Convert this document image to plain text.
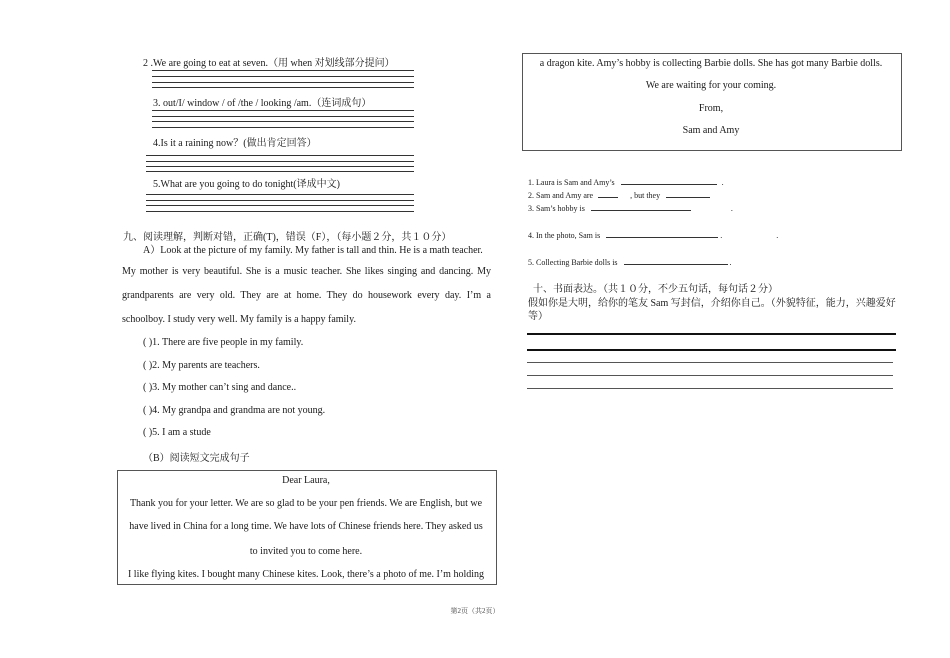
2 .We are going to eat at seven.（用 when 对划线部分提问）
3. out/I/ window / of /the / looking /am.（连词成句）
4.Is it a raining now？(做出肯定回答）
5.What are you going to do tonight(译成中文)
九、阅读理解，判断对错，正确(T)，错误（F），（每小题２分，共１０分）
A）Look at the picture of my family. My father is tall and thin. He is a math teacher.
My mother is very beautiful. She is a music teacher. She likes singing and dancing. My
grandparents are very old. They are at home. They do housework every day. I’m a
schoolboy. I study very well. My family is a happy family.
( )1. There are five people in my family.
( )2. My parents are teachers.
( )3. My mother can’t sing and dance..
( )4. My grandpa and grandma are not young.
( )5. I am a stude
（B）阅读短文完成句子
Dear Laura,
Thank you for your letter. We are so glad to be your pen friends. We are English, but we
have lived in China for a long time. We have lots of Chinese friends here. They asked us
to invited you to come here.
I like flying kites. I bought many Chinese kites. Look, there’s a photo of me. I’m holding
a dragon kite. Amy’s hobby is collecting Barbie dolls. She has got many Barbie dolls.
We are waiting for your coming.
From,
Sam and Amy
1. Laura is Sam and Amy’s	.
2. Sam and Amy are	, but they
3. Sam’s hobby is	.
4. In the photo, Sam is	.	.
5. Collecting Barbie dolls is	.
十、书面表达。（共１０分，不少五句话，每句话２分）
假如你是大明，给你的笔友 Sam 写封信，介绍你自己。（外貌特征，能力，兴趣爱好
等）
第2页（共2页）
